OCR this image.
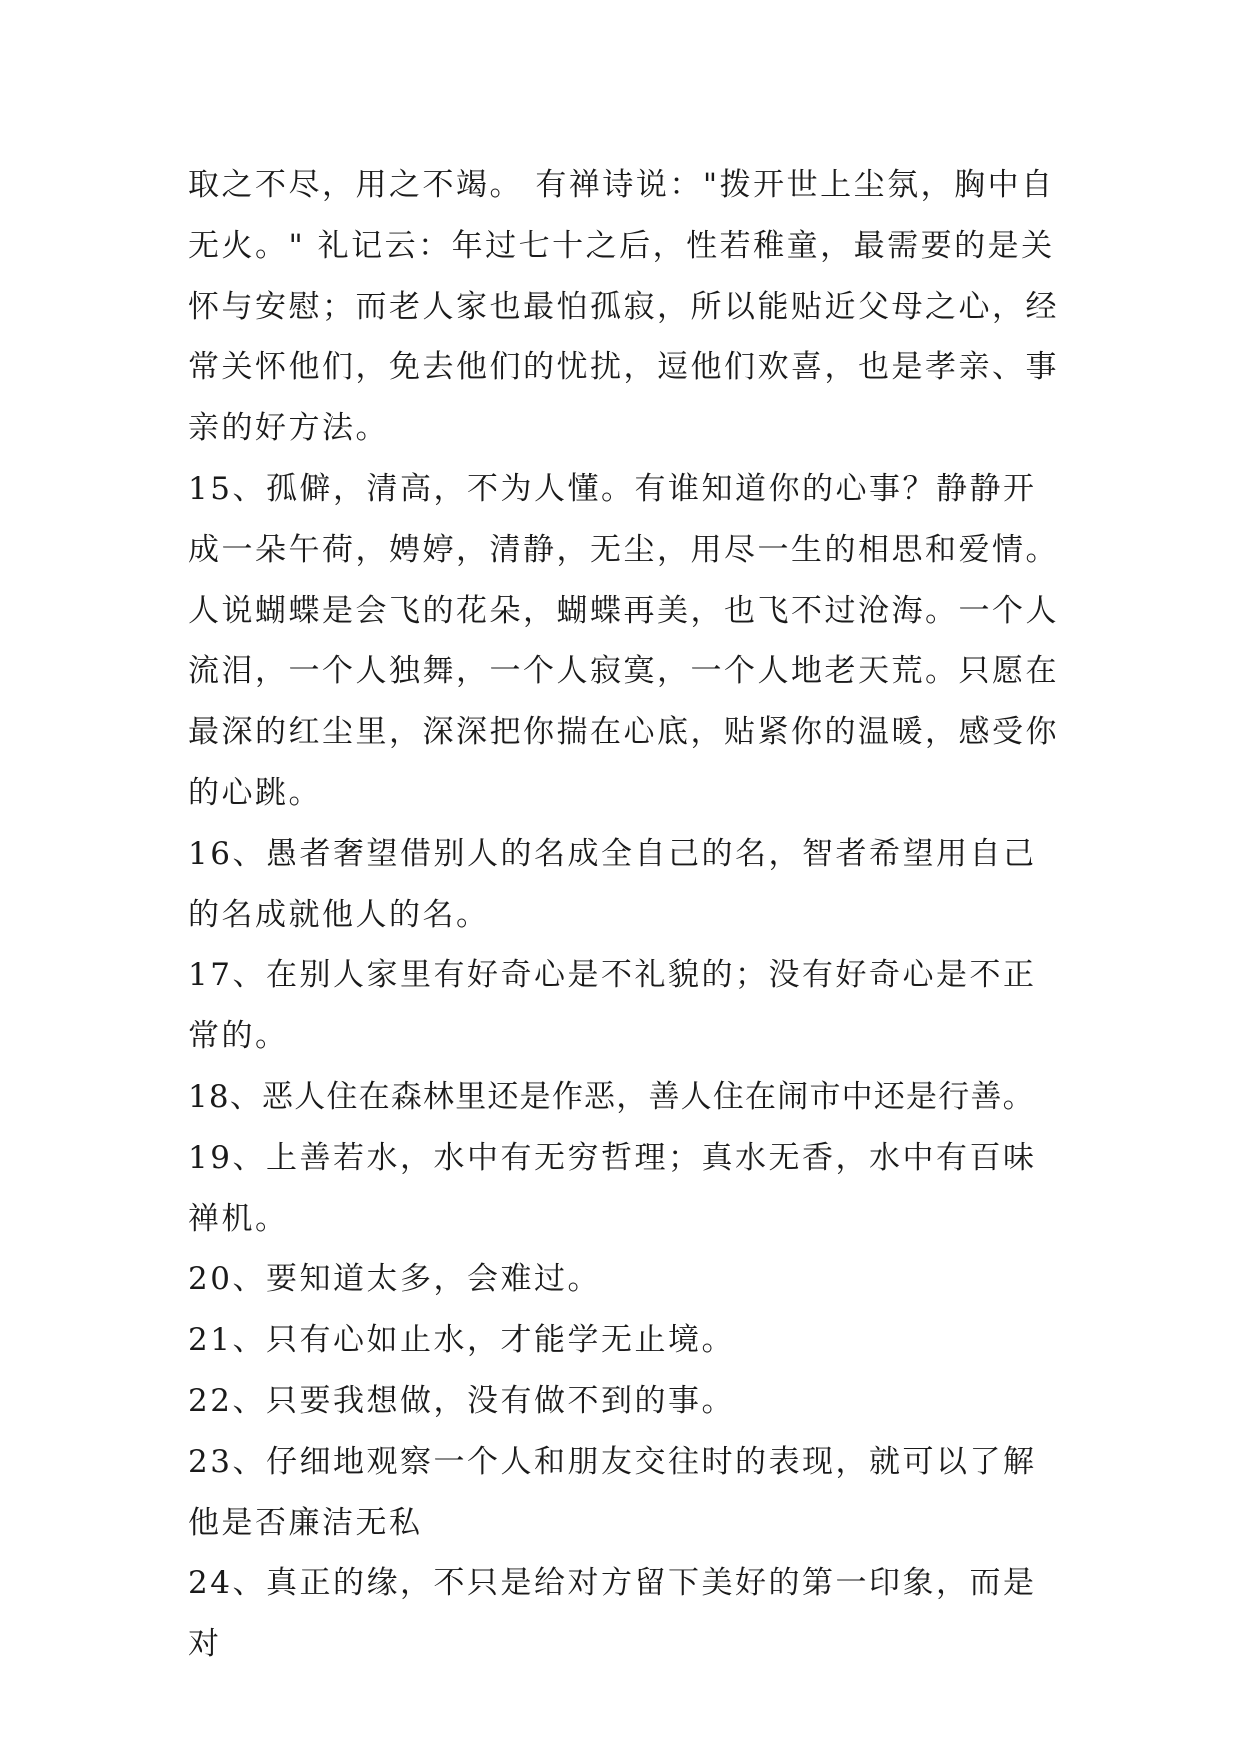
取之不尽，用之不竭。 有禅诗说："拨开世上尘氛，胸中自无火。" 礼记云：年过七十之后，性若稚童，最需要的是关怀与安慰；而老人家也最怕孤寂，所以能贴近父母之心，经常关怀他们，免去他们的忧扰，逗他们欢喜，也是孝亲、事亲的好方法。

15、孤僻，清高，不为人懂。有谁知道你的心事？静静开成一朵午荷，娉婷，清静，无尘，用尽一生的相思和爱情。人说蝴蝶是会飞的花朵，蝴蝶再美，也飞不过沧海。一个人流泪，一个人独舞，一个人寂寞，一个人地老天荒。只愿在最深的红尘里，深深把你揣在心底，贴紧你的温暖，感受你的心跳。

16、愚者奢望借别人的名成全自己的名，智者希望用自己的名成就他人的名。

17、在别人家里有好奇心是不礼貌的；没有好奇心是不正常的。

18、恶人住在森林里还是作恶，善人住在闹市中还是行善。

19、上善若水，水中有无穷哲理；真水无香，水中有百味禅机。

20、要知道太多，会难过。

21、只有心如止水，才能学无止境。

22、只要我想做，没有做不到的事。

23、仔细地观察一个人和朋友交往时的表现，就可以了解他是否廉洁无私

24、真正的缘，不只是给对方留下美好的第一印象，而是对
